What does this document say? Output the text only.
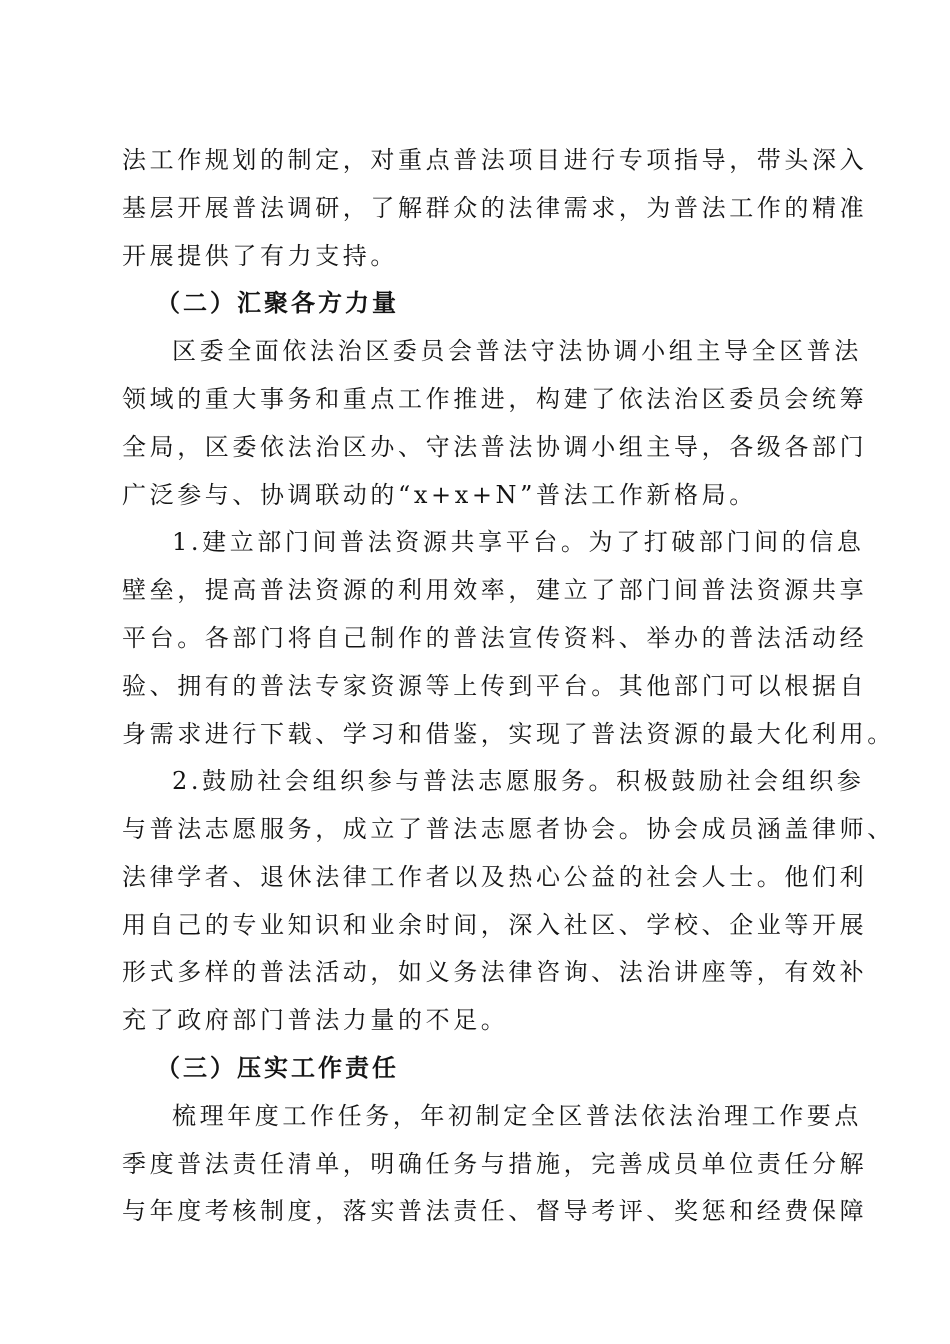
法工作规划的制定，对重点普法项目进行专项指导，带头深入
基层开展普法调研，了解群众的法律需求，为普法工作的精准
开展提供了有力支持。
（二）汇聚各方力量
区委全面依法治区委员会普法守法协调小组主导全区普法
领域的重大事务和重点工作推进，构建了依法治区委员会统筹
全局，区委依法治区办、守法普法协调小组主导，各级各部门
广泛参与、协调联动的“x+x+N”普法工作新格局。
1.建立部门间普法资源共享平台。为了打破部门间的信息
壁垒，提高普法资源的利用效率，建立了部门间普法资源共享
平台。各部门将自己制作的普法宣传资料、举办的普法活动经
验、拥有的普法专家资源等上传到平台。其他部门可以根据自
身需求进行下载、学习和借鉴，实现了普法资源的最大化利用。
2.鼓励社会组织参与普法志愿服务。积极鼓励社会组织参
与普法志愿服务，成立了普法志愿者协会。协会成员涵盖律师、
法律学者、退休法律工作者以及热心公益的社会人士。他们利
用自己的专业知识和业余时间，深入社区、学校、企业等开展
形式多样的普法活动，如义务法律咨询、法治讲座等，有效补
充了政府部门普法力量的不足。
（三）压实工作责任
梳理年度工作任务，年初制定全区普法依法治理工作要点
季度普法责任清单，明确任务与措施，完善成员单位责任分解
与年度考核制度，落实普法责任、督导考评、奖惩和经费保障
